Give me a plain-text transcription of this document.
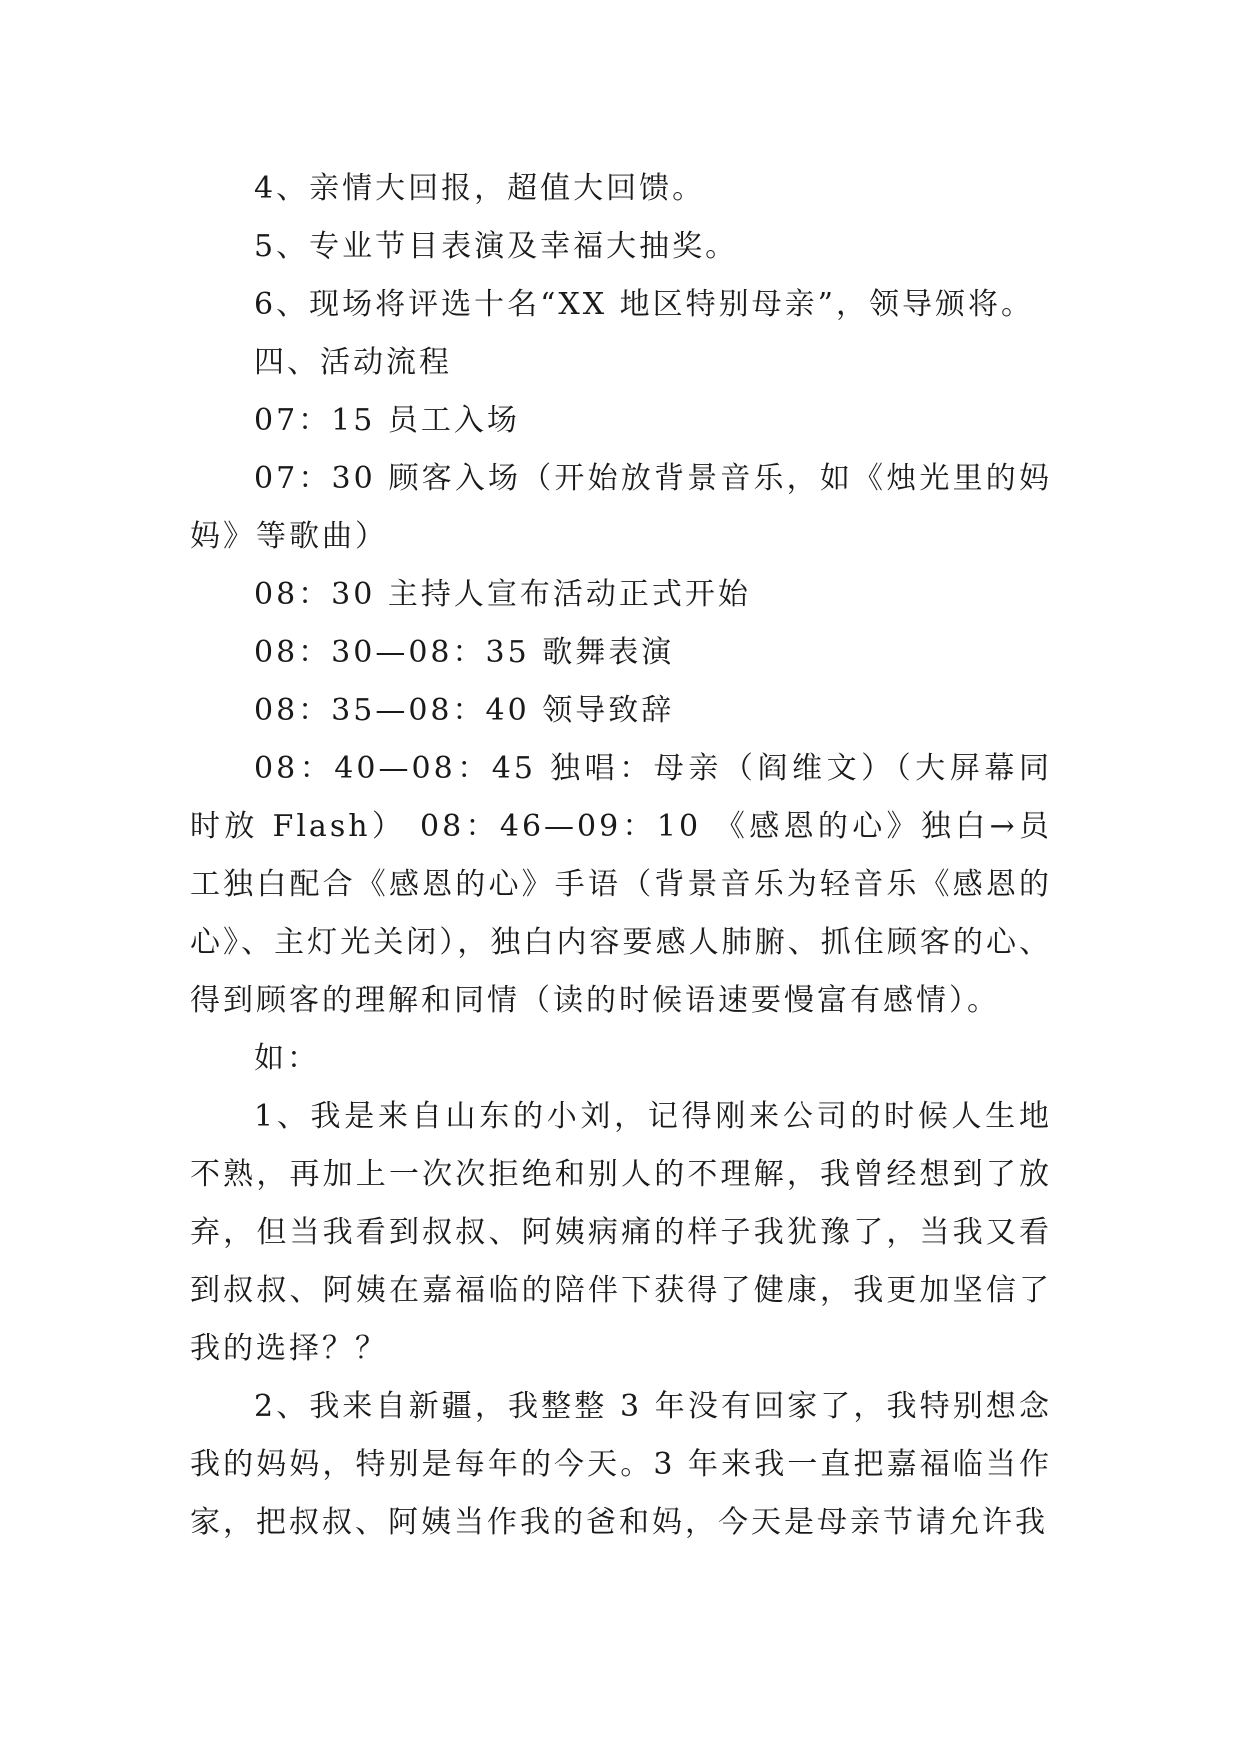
4、亲情大回报，超值大回馈。

5、专业节目表演及幸福大抽奖。

6、现场将评选十名“XX 地区特别母亲”，领导颁将。

四、活动流程

07：15 员工入场

07：30 顾客入场（开始放背景音乐，如《烛光里的妈妈》等歌曲）

08：30 主持人宣布活动正式开始

08：30—08：35 歌舞表演

08：35—08：40 领导致辞

08：40—08：45 独唱：母亲（阎维文）（大屏幕同时放 Flash） 08：46—09：10 《感恩的心》独白→员工独白配合《感恩的心》手语（背景音乐为轻音乐《感恩的心》、主灯光关闭），独白内容要感人肺腑、抓住顾客的心、得到顾客的理解和同情（读的时候语速要慢富有感情）。

如：

1、我是来自山东的小刘，记得刚来公司的时候人生地不熟，再加上一次次拒绝和别人的不理解，我曾经想到了放弃，但当我看到叔叔、阿姨病痛的样子我犹豫了，当我又看到叔叔、阿姨在嘉福临的陪伴下获得了健康，我更加坚信了我的选择？？

2、我来自新疆，我整整 3 年没有回家了，我特别想念我的妈妈，特别是每年的今天。3 年来我一直把嘉福临当作家，把叔叔、阿姨当作我的爸和妈，今天是母亲节请允许我
